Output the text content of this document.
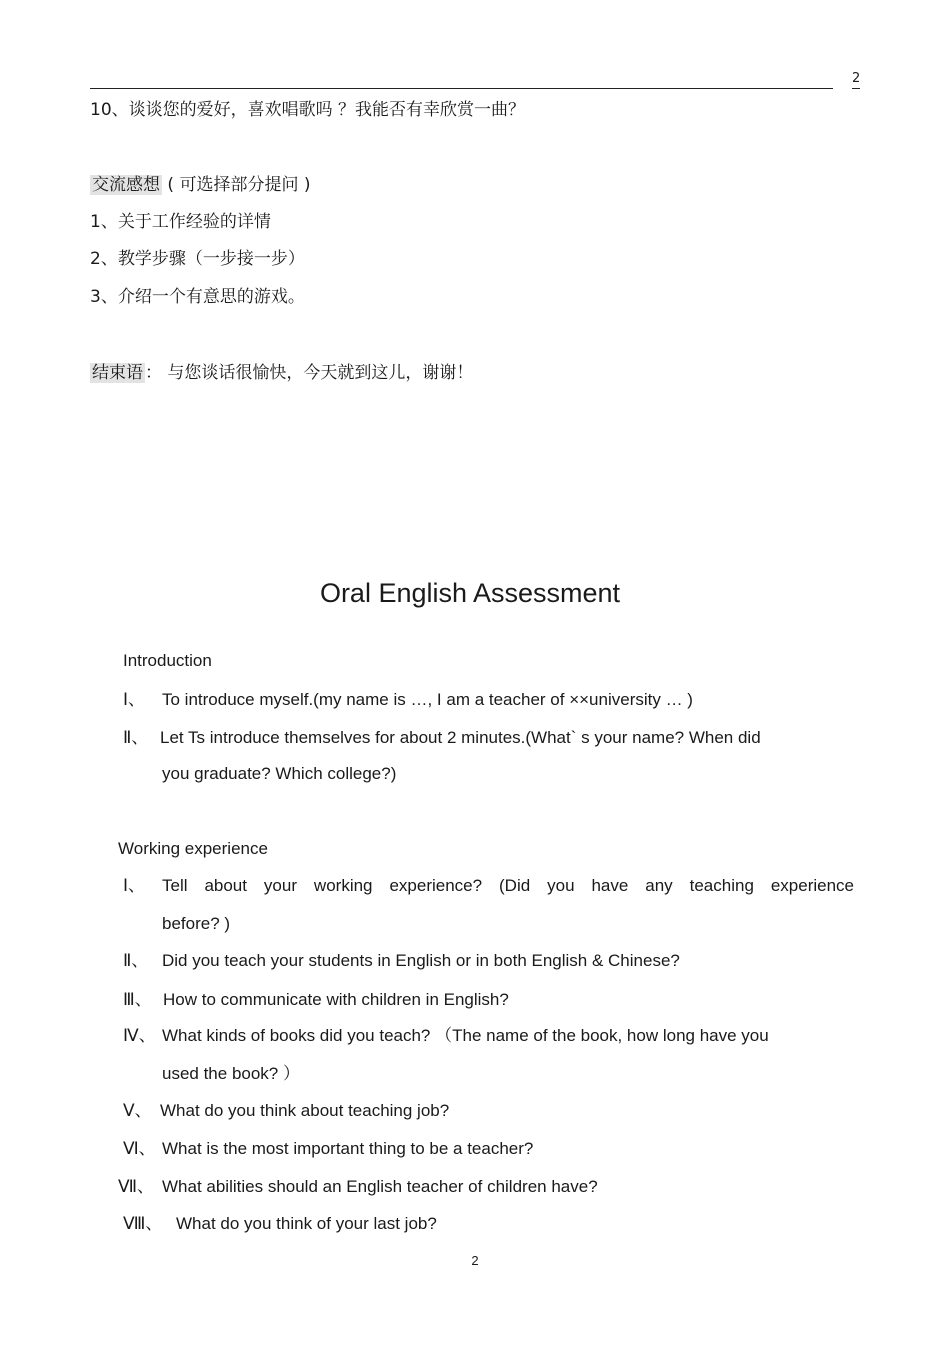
2
10、谈谈您的爱好，喜欢唱歌吗 ？我能否有幸欣赏一曲？
交流感想 ( 可选择部分提问 )
1、关于工作经验的详情
2、教学步骤（一步接一步）
3、介绍一个有意思的游戏。
结束语 ： 与您谈话很愉快，今天就到这儿，谢谢！
Oral English Assessment
Introduction
Ⅰ、 To introduce myself.(my name is …, I am a teacher of ××university … )
Ⅱ、 Let Ts introduce themselves for about 2 minutes.(What` s your name? When did
you graduate? Which college?)
Working experience
Ⅰ、 Tell about your working experience? (Did you have any teaching experience
before? )
Ⅱ、 Did you teach your students in English or in both English & Chinese?
Ⅲ、 How to communicate with children in English?
Ⅳ、 What kinds of books did you teach? （The name of the book, how long have you
used the book? ）
Ⅴ、 What do you think about teaching job?
Ⅵ、 What is the most important thing to be a teacher?
Ⅶ、 What abilities should an English teacher of children have?
Ⅷ、 What do you think of your last job?
2
